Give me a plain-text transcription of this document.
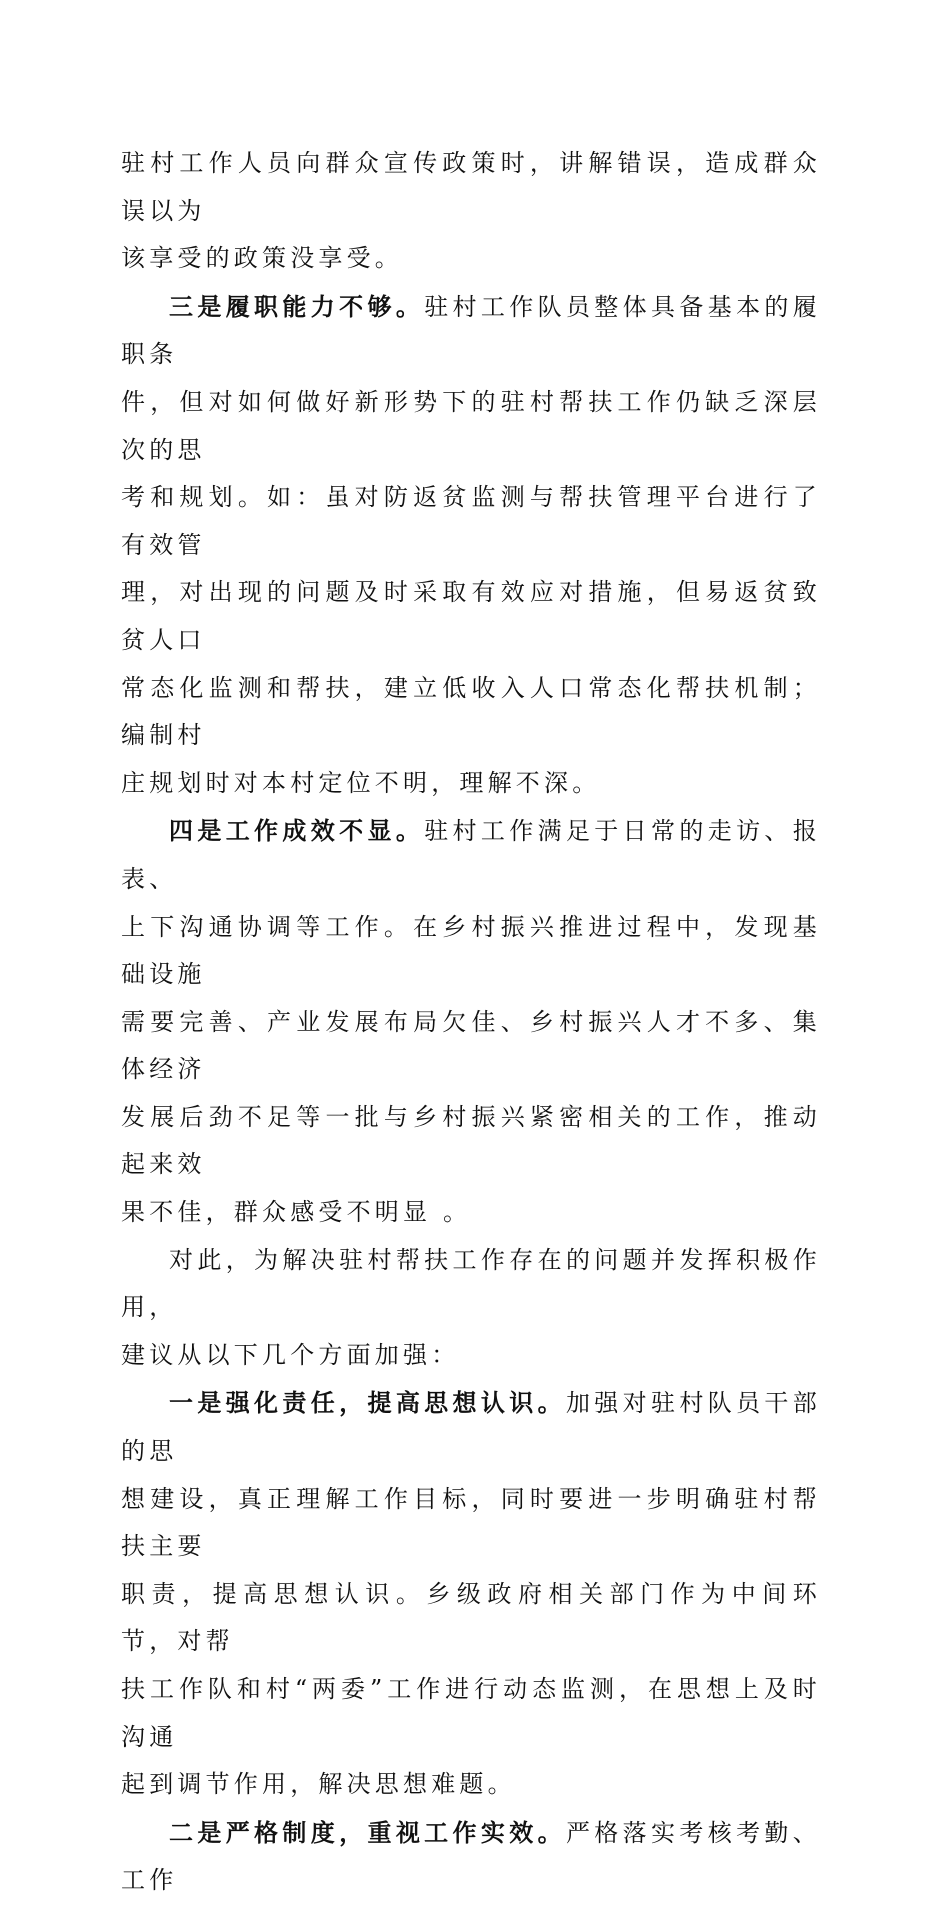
驻村工作人员向群众宣传政策时，讲解错误，造成群众误以为
该享受的政策没享受。

三是履职能力不够。驻村工作队员整体具备基本的履职条
件，但对如何做好新形势下的驻村帮扶工作仍缺乏深层次的思
考和规划。如：虽对防返贫监测与帮扶管理平台进行了有效管
理，对出现的问题及时采取有效应对措施，但易返贫致贫人口
常态化监测和帮扶，建立低收入人口常态化帮扶机制；编制村
庄规划时对本村定位不明，理解不深。

四是工作成效不显。驻村工作满足于日常的走访、报表、
上下沟通协调等工作。在乡村振兴推进过程中，发现基础设施
需要完善、产业发展布局欠佳、乡村振兴人才不多、集体经济
发展后劲不足等一批与乡村振兴紧密相关的工作，推动起来效
果不佳，群众感受不明显 。

对此，为解决驻村帮扶工作存在的问题并发挥积极作用，
建议从以下几个方面加强：

一是强化责任，提高思想认识。加强对驻村队员干部的思
想建设，真正理解工作目标，同时要进一步明确驻村帮扶主要
职责，提高思想认识。乡级政府相关部门作为中间环节，对帮
扶工作队和村“两委”工作进行动态监测，在思想上及时沟通
起到调节作用，解决思想难题。

二是严格制度，重视工作实效。严格落实考核考勤、工作
